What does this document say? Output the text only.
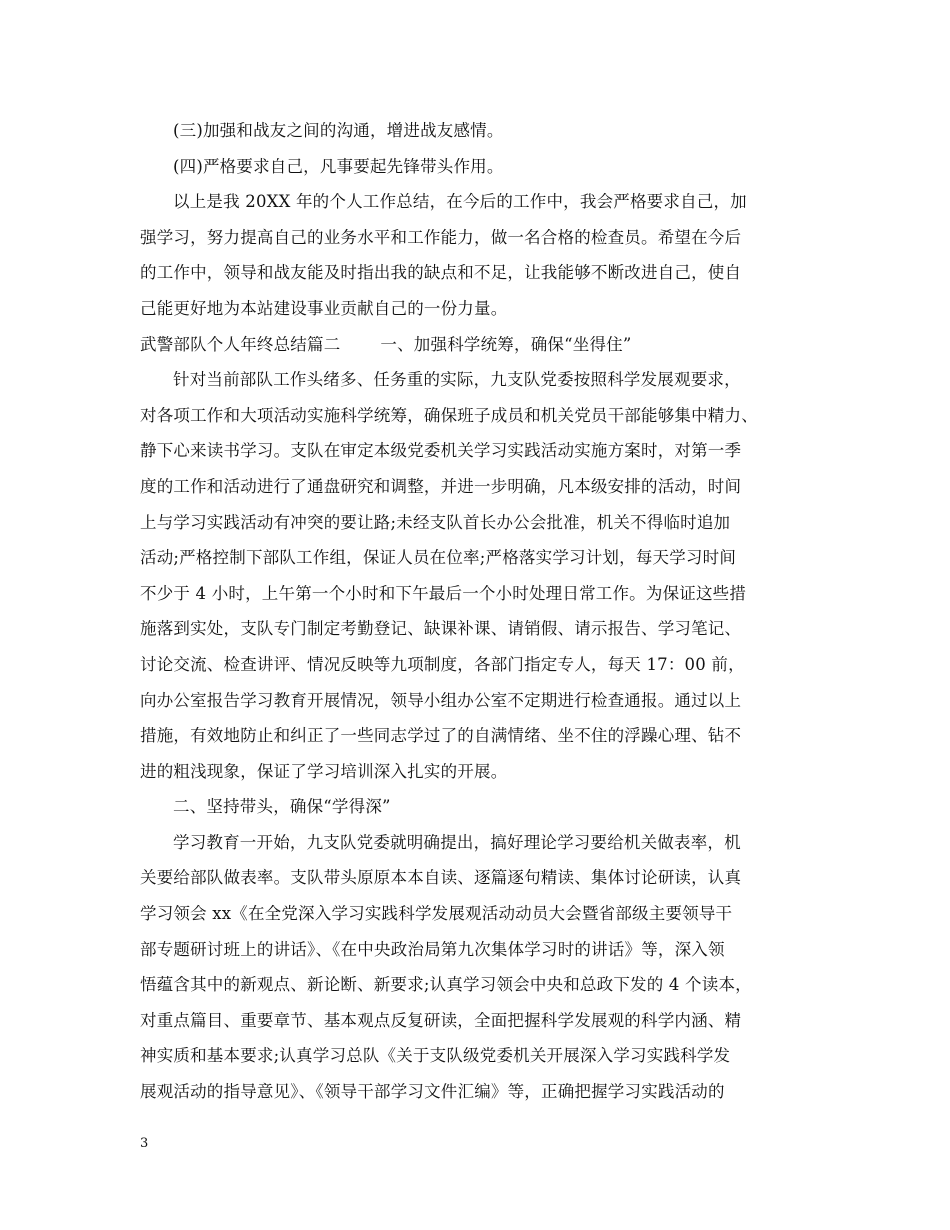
(三)加强和战友之间的沟通，增进战友感情。
(四)严格要求自己，凡事要起先锋带头作用。
以上是我 20XX 年的个人工作总结，在今后的工作中，我会严格要求自己，加
强学习，努力提高自己的业务水平和工作能力，做一名合格的检查员。希望在今后
的工作中，领导和战友能及时指出我的缺点和不足，让我能够不断改进自己，使自
己能更好地为本站建设事业贡献自己的一份力量。
武警部队个人年终总结篇二 一、加强科学统筹，确保“坐得住”
针对当前部队工作头绪多、任务重的实际，九支队党委按照科学发展观要求，
对各项工作和大项活动实施科学统筹，确保班子成员和机关党员干部能够集中精力、
静下心来读书学习。支队在审定本级党委机关学习实践活动实施方案时，对第一季
度的工作和活动进行了通盘研究和调整，并进一步明确，凡本级安排的活动，时间
上与学习实践活动有冲突的要让路;未经支队首长办公会批准，机关不得临时追加
活动;严格控制下部队工作组，保证人员在位率;严格落实学习计划，每天学习时间
不少于 4 小时，上午第一个小时和下午最后一个小时处理日常工作。为保证这些措
施落到实处，支队专门制定考勤登记、缺课补课、请销假、请示报告、学习笔记、
讨论交流、检查讲评、情况反映等九项制度，各部门指定专人，每天 17：00 前，
向办公室报告学习教育开展情况，领导小组办公室不定期进行检查通报。通过以上
措施，有效地防止和纠正了一些同志学过了的自满情绪、坐不住的浮躁心理、钻不
进的粗浅现象，保证了学习培训深入扎实的开展。
二、坚持带头，确保“学得深”
学习教育一开始，九支队党委就明确提出，搞好理论学习要给机关做表率，机
关要给部队做表率。支队带头原原本本自读、逐篇逐句精读、集体讨论研读，认真
学习领会 xx《在全党深入学习实践科学发展观活动动员大会暨省部级主要领导干
部专题研讨班上的讲话》、《在中央政治局第九次集体学习时的讲话》等，深入领
悟蕴含其中的新观点、新论断、新要求;认真学习领会中央和总政下发的 4 个读本，
对重点篇目、重要章节、基本观点反复研读，全面把握科学发展观的科学内涵、精
神实质和基本要求;认真学习总队《关于支队级党委机关开展深入学习实践科学发
展观活动的指导意见》、《领导干部学习文件汇编》等，正确把握学习实践活动的
3
